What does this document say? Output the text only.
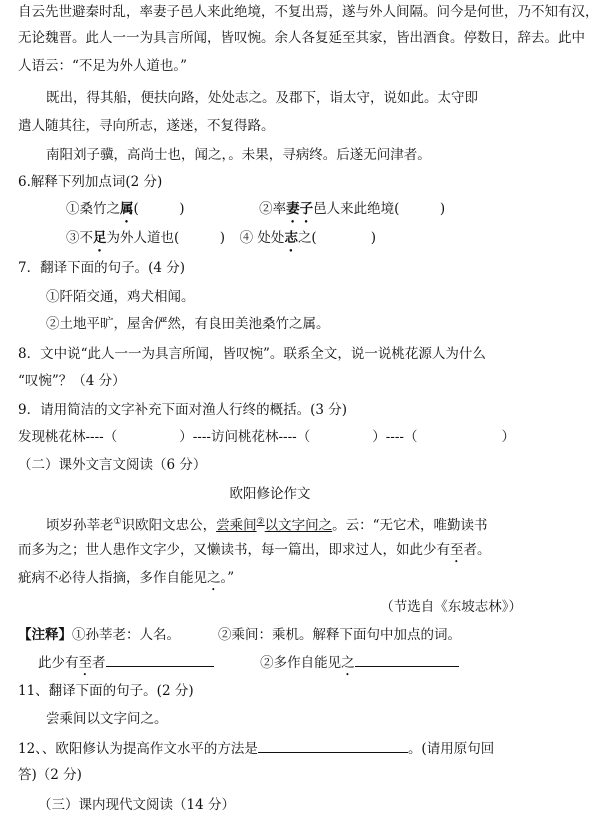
自云先世避秦时乱，率妻子邑人来此绝境，不复出焉，遂与外人间隔。问今是何世，乃不知有汉，
无论魏晋。此人一一为具言所闻，皆叹惋。余人各复延至其家，皆出酒食。停数日，辞去。此中
人语云：“不足为外人道也。”
既出，得其船，便扶向路，处处志之。及郡下，诣太守，说如此。太守即
遣人随其往，寻向所志，遂迷，不复得路。
南阳刘子骥，高尚士也，闻之，。未果，寻病终。后遂无问津者。
6.解释下列加点词(2 分)
①桑竹之属(　　　)	②率妻子邑人来此绝境(　　　)
③不足为外人道也(　　　) ④ 处处志之(　　　　)
7．翻译下面的句子。(4 分)
①阡陌交通，鸡犬相闻。
②土地平旷，屋舍俨然，有良田美池桑竹之属。
8．文中说“此人一一为具言所闻，皆叹惋”。联系全文，说一说桃花源人为什么
“叹惋”？（4 分）
9．请用简洁的文字补充下面对渔人行终的概括。(3 分)
发现桃花林----（	）----访问桃花林----（	）----（	）
（二）课外文言文阅读（6 分）
欧阳修论作文
顷岁孙莘老①识欧阳文忠公，尝乘间②以文字问之。云：“无它术，唯勤读书
而多为之；世人患作文字少，又懒读书，每一篇出，即求过人，如此少有至者。
疵病不必待人指摘，多作自能见之。”
（节选自《东坡志林》）
【注释】①孙莘老：人名。	②乘间：乘机。解释下面句中加点的词。
此少有至者	②多作自能见之
11、翻译下面的句子。(2 分)
尝乘间以文字问之。
12、、欧阳修认为提高作文水平的方法是	。(请用原句回
答)（2 分)
（三）课内现代文阅读（14 分）
